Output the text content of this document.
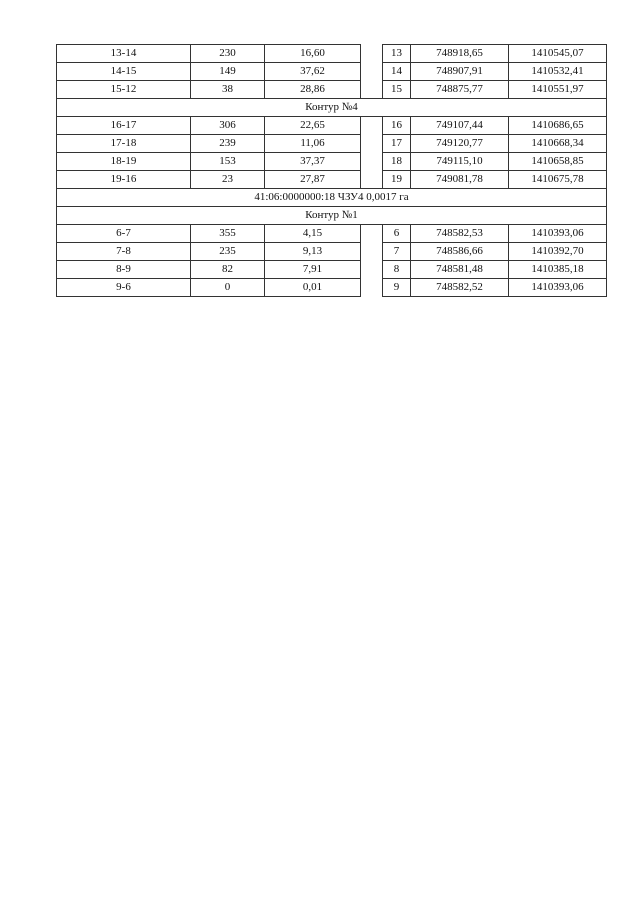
13-14	230	16,60		13	748918,65	1410545,07
14-15	149	37,62		14	748907,91	1410532,41
15-12	38	28,86		15	748875,77	1410551,97
Контур №4						
16-17	306	22,65		16	749107,44	1410686,65
17-18	239	11,06		17	749120,77	1410668,34
18-19	153	37,37		18	749115,10	1410658,85
19-16	23	27,87		19	749081,78	1410675,78
41:06:0000000:18 ЧЗУ4 0,0017 га						
Контур №1						
6-7	355	4,15		6	748582,53	1410393,06
7-8	235	9,13		7	748586,66	1410392,70
8-9	82	7,91		8	748581,48	1410385,18
9-6	0	0,01		9	748582,52	1410393,06
